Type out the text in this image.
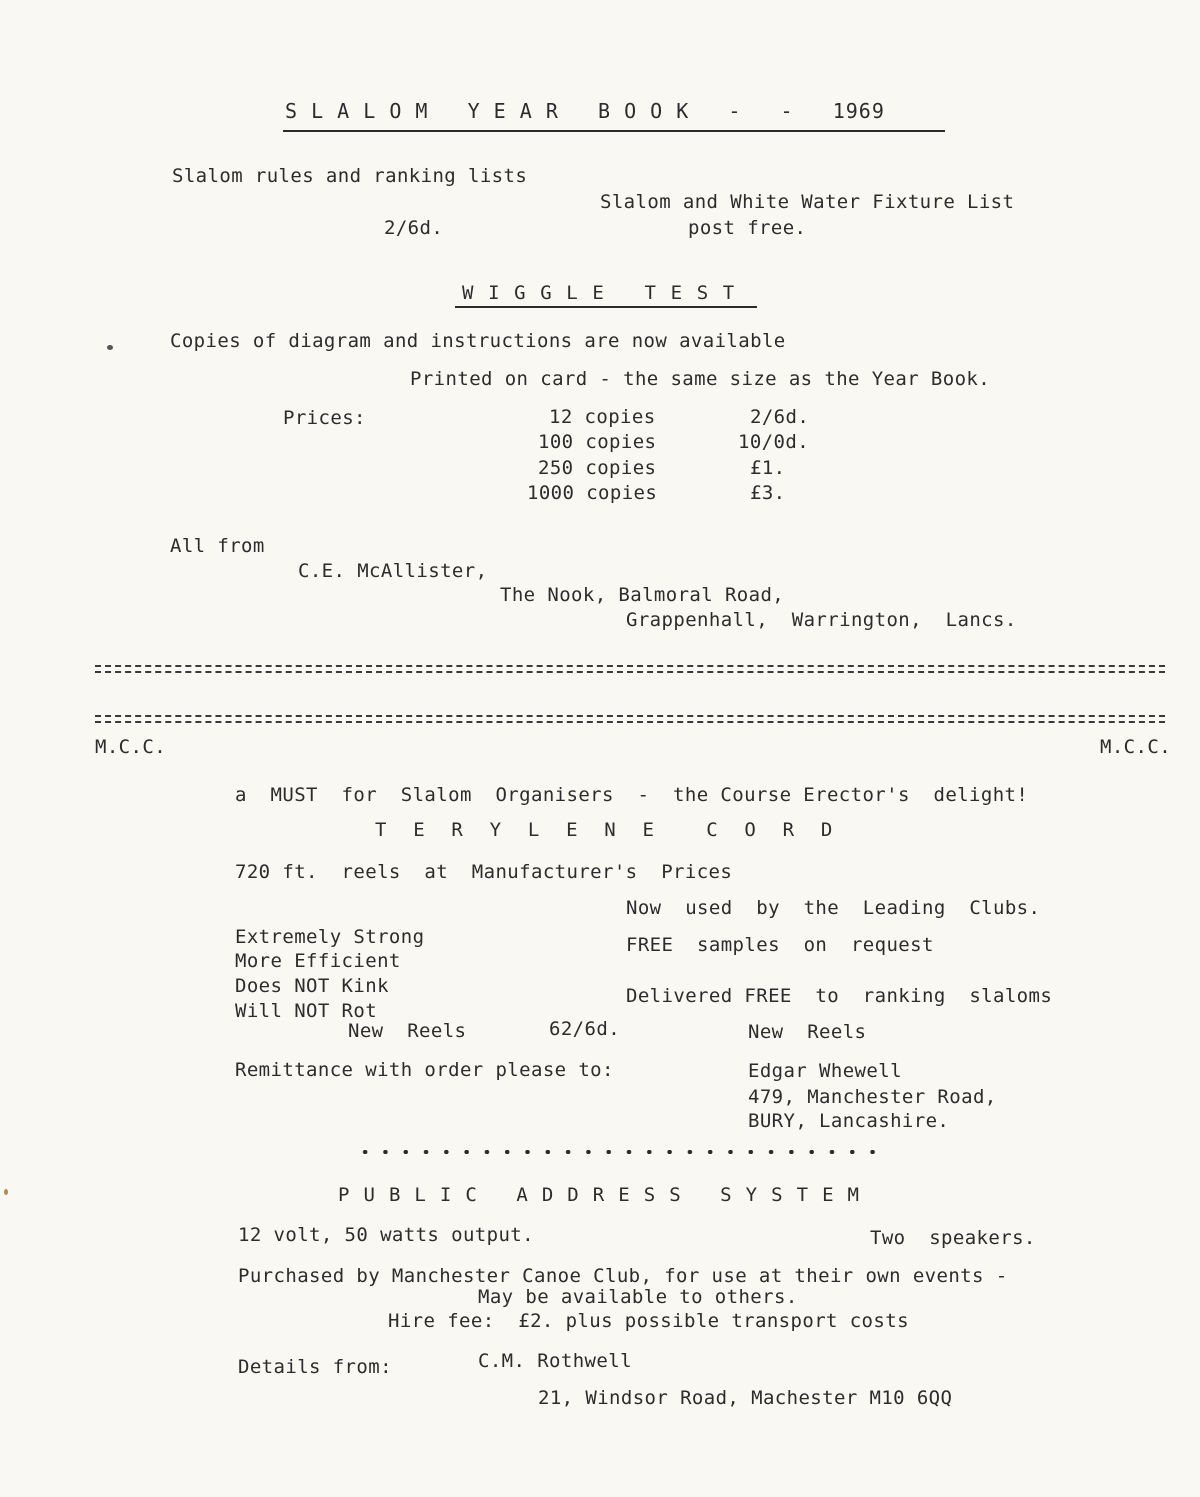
S L A L O M   Y E A R   B O O K   -   -   1969
Slalom rules and ranking lists
Slalom and White Water Fixture List
2/6d.	post free.
W I G G L E   T E S T
Copies of diagram and instructions are now available
Printed on card - the same size as the Year Book.
Prices:	12 copies	2/6d.
100 copies	10/0d.
250 copies	£1.
1000 copies	£3.
All from
C.E. McAllister,
The Nook, Balmoral Road,
Grappenhall,  Warrington,  Lancs.
M.C.C.	M.C.C.
a  MUST  for  Slalom  Organisers  -  the Course Erector's  delight!
T  E  R  Y  L  E  N  E    C  O  R  D
720 ft.  reels  at  Manufacturer's  Prices
Now  used  by  the  Leading  Clubs.
Extremely Strong
More Efficient
Does NOT Kink
Will NOT Rot
FREE  samples  on  request
Delivered FREE  to  ranking  slaloms
New  Reels	62/6d.	New  Reels
Remittance with order please to:	Edgar Whewell
479, Manchester Road,
BURY, Lancashire.
P U B L I C   A D D R E S S   S Y S T E M
12 volt, 50 watts output.	Two  speakers.
Purchased by Manchester Canoe Club, for use at their own events -
May be available to others.
Hire fee:  £2. plus possible transport costs
Details from:	C.M. Rothwell
21, Windsor Road, Machester M10 6QQ
